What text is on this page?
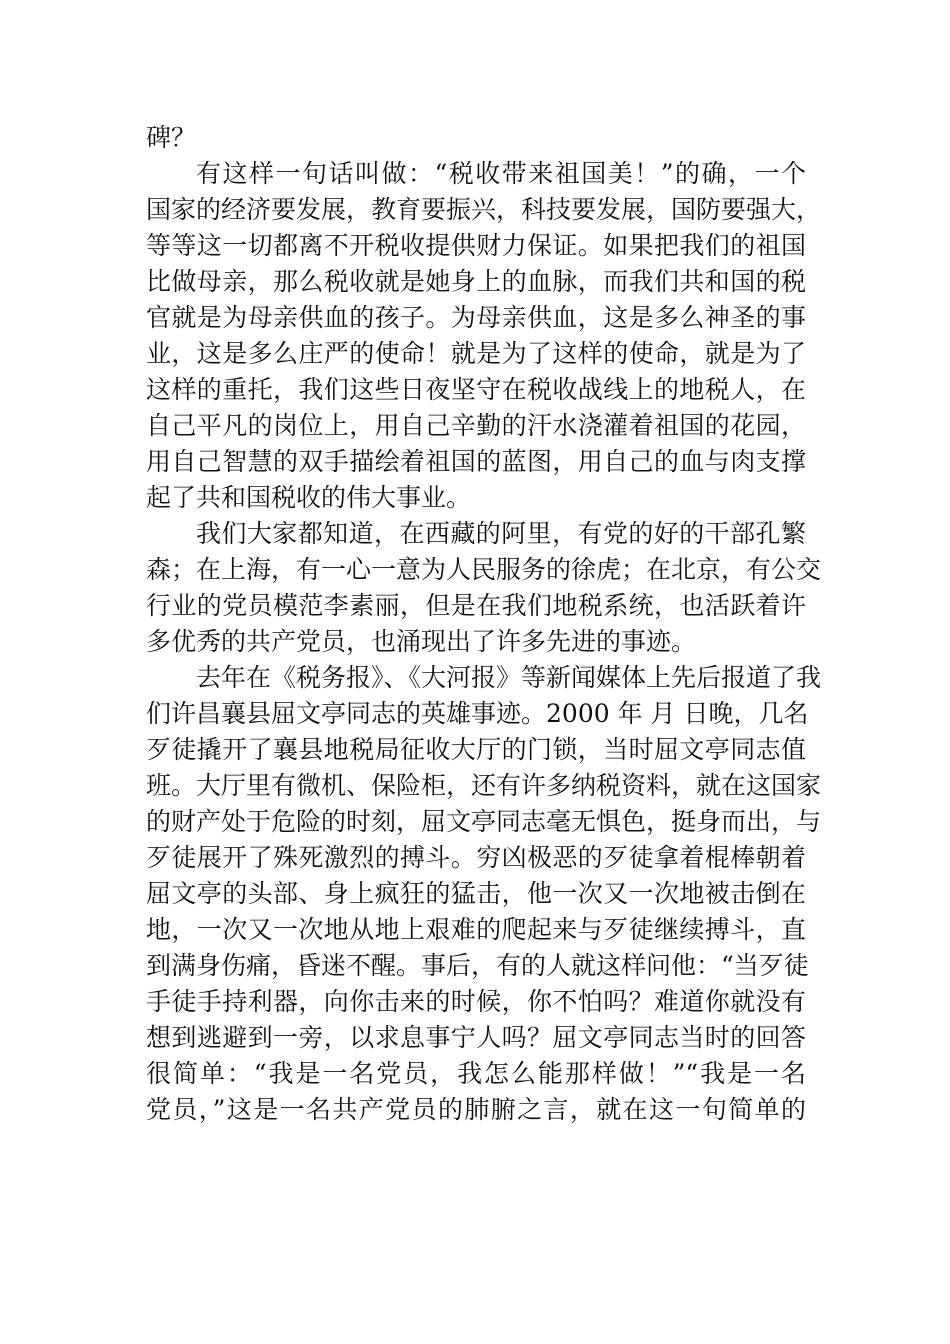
碑？
有这样一句话叫做：“税收带来祖国美！”的确，一个
国家的经济要发展，教育要振兴，科技要发展，国防要强大，
等等这一切都离不开税收提供财力保证。如果把我们的祖国
比做母亲，那么税收就是她身上的血脉，而我们共和国的税
官就是为母亲供血的孩子。为母亲供血，这是多么神圣的事
业，这是多么庄严的使命！就是为了这样的使命，就是为了
这样的重托，我们这些日夜坚守在税收战线上的地税人，在
自己平凡的岗位上，用自己辛勤的汗水浇灌着祖国的花园，
用自己智慧的双手描绘着祖国的蓝图，用自己的血与肉支撑
起了共和国税收的伟大事业。
我们大家都知道，在西藏的阿里，有党的好的干部孔繁
森；在上海，有一心一意为人民服务的徐虎；在北京，有公交
行业的党员模范李素丽，但是在我们地税系统，也活跃着许
多优秀的共产党员，也涌现出了许多先进的事迹。
去年在《税务报》、《大河报》等新闻媒体上先后报道了我
们许昌襄县屈文亭同志的英雄事迹。2000 年 月 日晚，几名
歹徒撬开了襄县地税局征收大厅的门锁，当时屈文亭同志值
班。大厅里有微机、保险柜，还有许多纳税资料，就在这国家
的财产处于危险的时刻，屈文亭同志毫无惧色，挺身而出，与
歹徒展开了殊死激烈的搏斗。穷凶极恶的歹徒拿着棍棒朝着
屈文亭的头部、身上疯狂的猛击，他一次又一次地被击倒在
地，一次又一次地从地上艰难的爬起来与歹徒继续搏斗，直
到满身伤痛，昏迷不醒。事后，有的人就这样问他：“当歹徒
手徒手持利器，向你击来的时候，你不怕吗？难道你就没有
想到逃避到一旁，以求息事宁人吗？屈文亭同志当时的回答
很简单：“我是一名党员，我怎么能那样做！”“我是一名
党员，”这是一名共产党员的肺腑之言，就在这一句简单的
